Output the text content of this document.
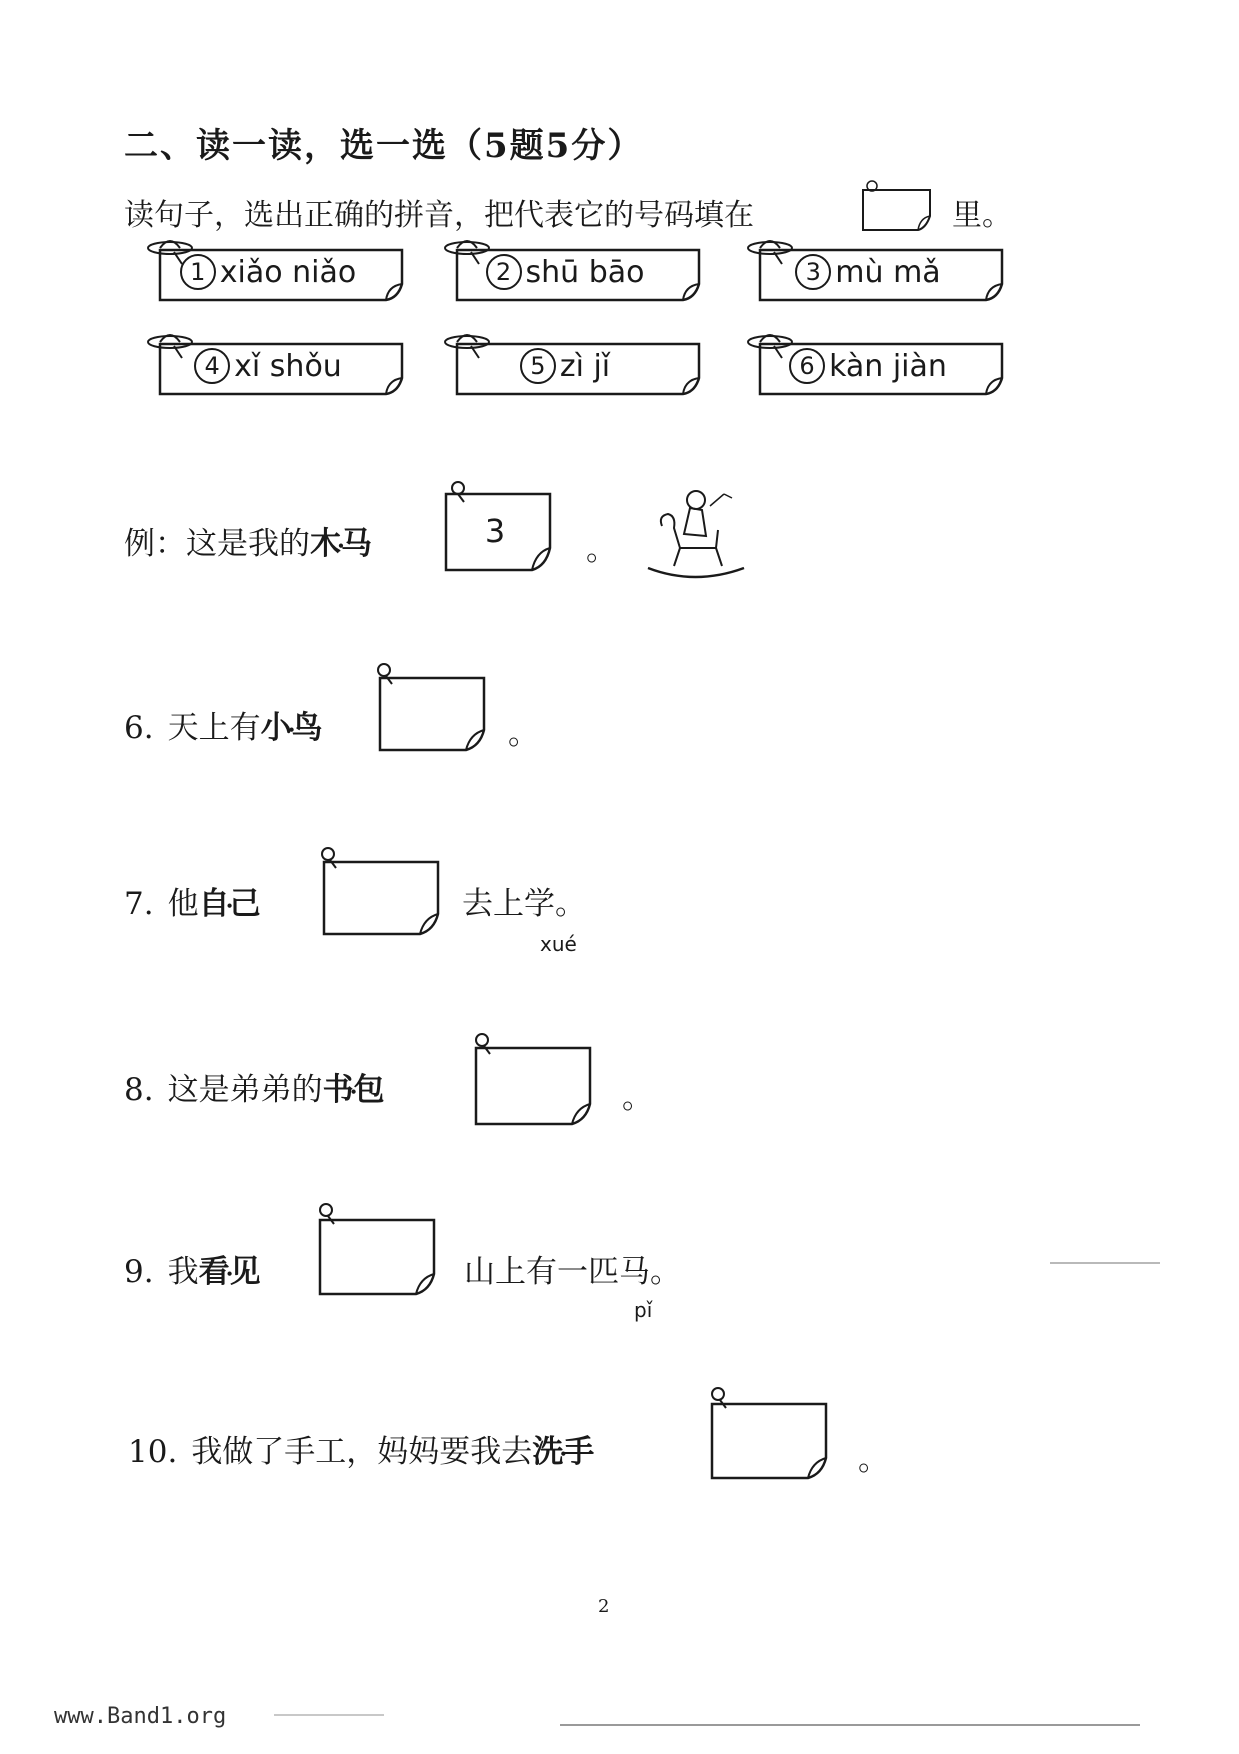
二、读一读，选一选（5题5分）
读句子，选出正确的拼音，把代表它的号码填在	里。
1 xiǎo niǎo	2 shū bāo	3 mù mǎ
4 xǐ shǒu	5 zì jǐ	6 kàn jiàn
例：这是我的木马 •	3	。
6. 天上有小鸟 •	。
7. 他自己 •	去上学。
xué
8. 这是弟弟的书包 •	。
9. 我看见 •	山上有一匹马。
pǐ
10. 我做了手工，妈妈要我去洗手 •	。
2
www.Band1.org
